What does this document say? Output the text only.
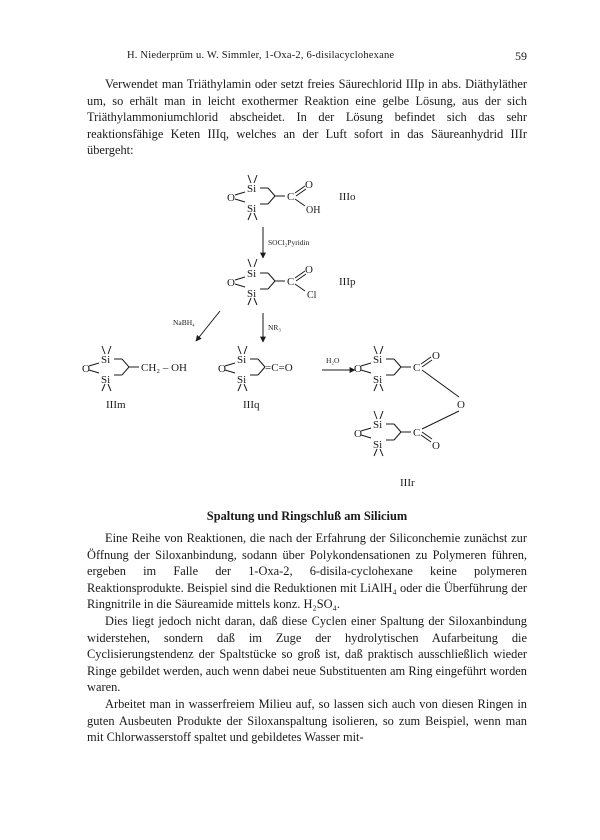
H. Niederprüm u. W. Simmler, 1-Oxa-2, 6-disilacyclohexane	59

Verwendet man Triäthylamin oder setzt freies Säurechlorid IIIp in abs. Diäthyläther um, so erhält man in leicht exothermer Reaktion eine gelbe Lösung, aus der sich Triäthylammoniumchlorid abscheidet. In der Lösung befindet sich das sehr reaktionsfähige Keten IIIq, welches an der Luft sofort in das Säureanhydrid IIIr übergeht:

Si
O
Si
C
O
OH
IIIo
SOCl₂Pyridin
Si
O
Si
C
O
Cl
IIIp
NaBH₄
NR₃
Si
O
Si
CH₂ – OH
IIIm
Si
O
Si
=C=O
IIIq
H₂O	Si
O
Si
C
O
O
Si
O
Si
C
O
IIIr
Spaltung und Ringschluß am Silicium

Eine Reihe von Reaktionen, die nach der Erfahrung der Siliconchemie zunächst zur Öffnung der Siloxanbindung, sodann über Polykondensationen zu Polymeren führen, ergeben im Falle der 1-Oxa-2, 6-disila-cyclohexane keine polymeren Reaktionsprodukte. Beispiel sind die Reduktionen mit LiAlH₄ oder die Überführung der Ringnitrile in die Säureamide mittels konz. H₂SO₄.

Dies liegt jedoch nicht daran, daß diese Cyclen einer Spaltung der Siloxanbindung widerstehen, sondern daß im Zuge der hydrolytischen Aufarbeitung die Cyclisierungstendenz der Spaltstücke so groß ist, daß praktisch ausschließlich wieder Ringe gebildet werden, auch wenn dabei neue Substituenten am Ring eingeführt worden waren.

Arbeitet man in wasserfreiem Milieu auf, so lassen sich auch von diesen Ringen in guten Ausbeuten Produkte der Siloxanspaltung isolieren, so zum Beispiel, wenn man mit Chlorwasserstoff spaltet und gebildetes Wasser mit-
